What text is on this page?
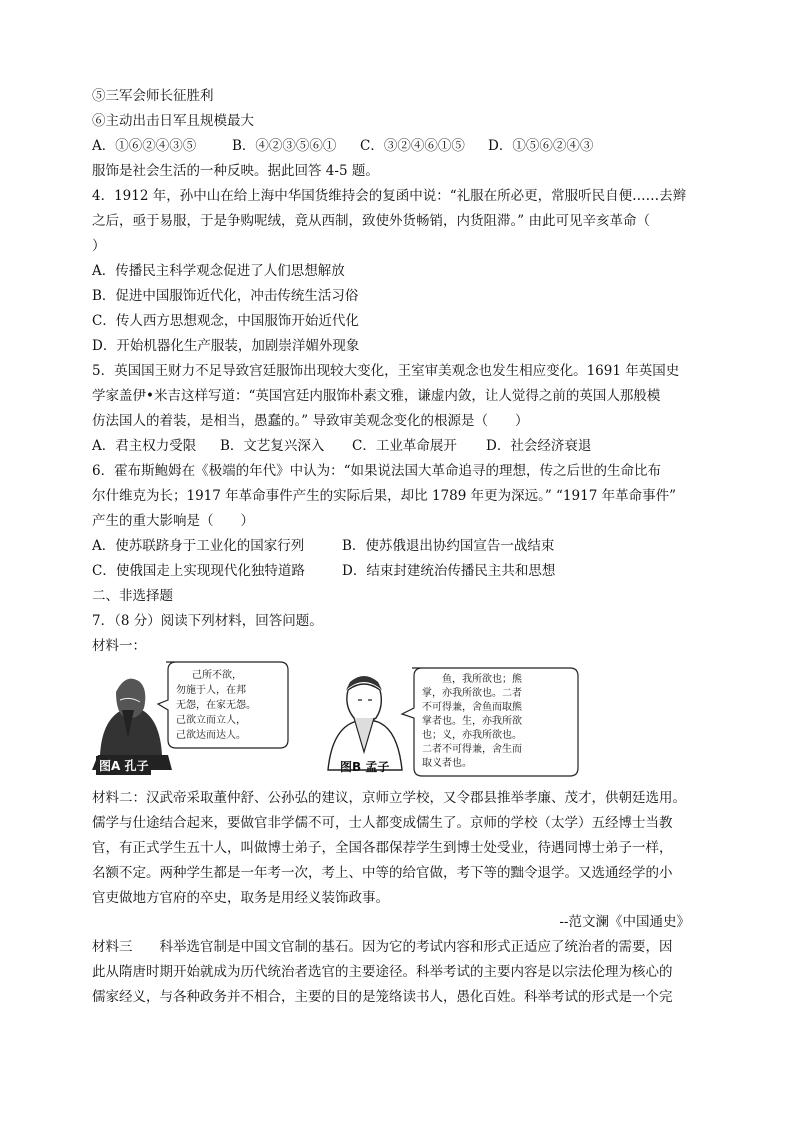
⑤三军会师长征胜利
⑥主动出击日军且规模最大
A．①⑥②④③⑤	B．④②③⑤⑥① C．③②④⑥①⑤ D．①⑤⑥②④③
服饰是社会生活的一种反映。据此回答 4-5 题。
4．1912 年，孙中山在给上海中华国货维持会的复函中说：“礼服在所必更，常服听民自便……去辫
之后，亟于易服，于是争购呢绒，竟从西制，致使外货畅销，内货阻滞。” 由此可见辛亥革命（
）
A．传播民主科学观念促进了人们思想解放
B．促进中国服饰近代化，冲击传统生活习俗
C．传人西方思想观念，中国服饰开始近代化
D．开始机器化生产服装，加剧崇洋媚外现象
5．英国国王财力不足导致宫廷服饰出现较大变化，王室审美观念也发生相应变化。1691 年英国史
学家盖伊•米吉这样写道：“英国宫廷内服饰朴素文雅，谦虚内敛，让人觉得之前的英国人那般模
仿法国人的着装，是相当，愚蠢的。” 导致审美观念变化的根源是（　　）
A．君主权力受限 B．文艺复兴深入 C．工业革命展开 D．社会经济衰退
6．霍布斯鲍姆在《极端的年代》中认为：“如果说法国大革命追寻的理想，传之后世的生命比布
尔什维克为长；1917 年革命事件产生的实际后果，却比 1789 年更为深远。” “1917 年革命事件”
产生的重大影响是（　　）
A．使苏联跻身于工业化的国家行列	B．使苏俄退出协约国宣告一战结束
C．使俄国走上实现现代化独特道路	D．结束封建统治传播民主共和思想
二、非选择题
7．（8 分）阅读下列材料，回答问题。
材料一：
己所不欲，
勿施于人，在邦
无怨，在家无怨。
己欲立而立人，
己欲达而达人。
鱼，我所欲也；熊
掌，亦我所欲也。二者
不可得兼，舍鱼而取熊
掌者也。生，亦我所欲
也；义，亦我所欲也。
二者不可得兼，舍生而
取义者也。
图A 孔子	图B 孟子
材料二：汉武帝采取董仲舒、公孙弘的建议，京师立学校，又令郡县推举孝廉、茂才，供朝廷选用。
儒学与仕途结合起来，要做官非学儒不可，士人都变成儒生了。京师的学校（太学）五经博士当教
官，有正式学生五十人，叫做博士弟子，全国各郡保荐学生到博士处受业，待遇同博士弟子一样，
名额不定。两种学生都是一年考一次，考上、中等的给官做，考下等的黜令退学。又选通经学的小
官吏做地方官府的卒史，取务是用经义装饰政事。
--范文澜《中国通史》
材料三　　科举选官制是中国文官制的基石。因为它的考试内容和形式正适应了统治者的需要，因
此从隋唐时期开始就成为历代统治者选官的主要途径。科举考试的主要内容是以宗法伦理为核心的
儒家经义，与各种政务并不相合，主要的目的是笼络读书人，愚化百姓。科举考试的形式是一个完
